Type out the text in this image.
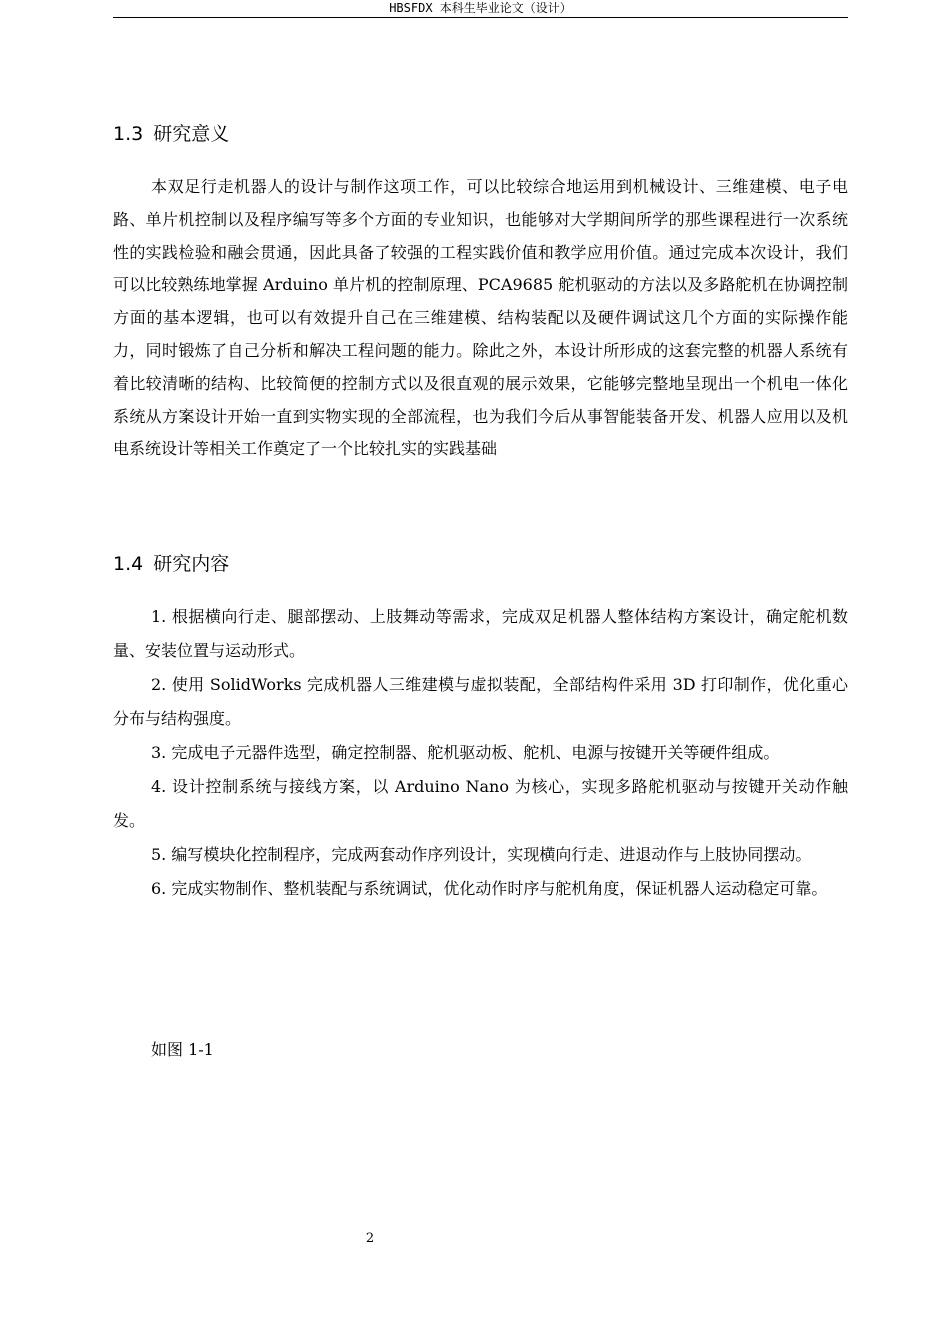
HBSFDX 本科生毕业论文（设计）
1.3 研究意义

本双足行走机器人的设计与制作这项工作，可以比较综合地运用到机械设计、三维建模、电子电路、单片机控制以及程序编写等多个方面的专业知识，也能够对大学期间所学的那些课程进行一次系统性的实践检验和融会贯通，因此具备了较强的工程实践价值和教学应用价值。通过完成本次设计，我们可以比较熟练地掌握 Arduino 单片机的控制原理、PCA9685 舵机驱动的方法以及多路舵机在协调控制方面的基本逻辑，也可以有效提升自己在三维建模、结构装配以及硬件调试这几个方面的实际操作能力，同时锻炼了自己分析和解决工程问题的能力。除此之外，本设计所形成的这套完整的机器人系统有着比较清晰的结构、比较简便的控制方式以及很直观的展示效果，它能够完整地呈现出一个机电一体化系统从方案设计开始一直到实物实现的全部流程，也为我们今后从事智能装备开发、机器人应用以及机电系统设计等相关工作奠定了一个比较扎实的实践基础

1.4 研究内容
1. 根据横向行走、腿部摆动、上肢舞动等需求，完成双足机器人整体结构方案设计，确定舵机数量、安装位置与运动形式。
2. 使用 SolidWorks 完成机器人三维建模与虚拟装配，全部结构件采用 3D 打印制作，优化重心分布与结构强度。
3. 完成电子元器件选型，确定控制器、舵机驱动板、舵机、电源与按键开关等硬件组成。
4. 设计控制系统与接线方案，以 Arduino Nano 为核心，实现多路舵机驱动与按键开关动作触发。
5. 编写模块化控制程序，完成两套动作序列设计，实现横向行走、进退动作与上肢协同摆动。
6. 完成实物制作、整机装配与系统调试，优化动作时序与舵机角度，保证机器人运动稳定可靠。
如图 1-1
2
